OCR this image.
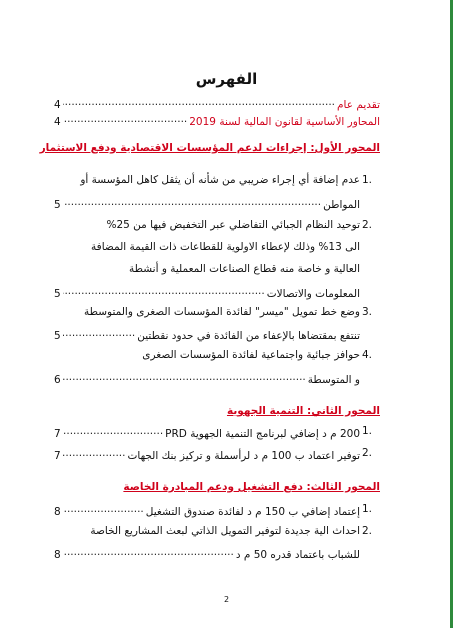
الفهرس
تقديم عام
.....
4
المحاور الأساسية لقانون المالية لسنة 2019
.....
4
المحور الأول: إجراءات لدعم المؤسسات الاقتصادية ودفع الاستثمار
1.
عدم إضافة أي إجراء ضريبي من شأنه أن يثقل كاهل المؤسسة أو
المواطن
.....
5
2.
توحيد النظام الجبائي التفاضلي عبر التخفيض فيها من 25%
الى 13% وذلك لإعطاء الاولوية للقطاعات ذات القيمة المضافة
العالية و خاصة منه قطاع الصناعات المعملية و أنشطة
المعلومات والاتصالات
.....
5
3.
وضع خط تمويل "ميسر" لفائدة المؤسسات الصغرى والمتوسطة
تنتفع بمقتضاها بالإعفاء من الفائدة في حدود نقطتين
.....
5
4.
حوافز جبائية واجتماعية لفائدة المؤسسات الصغرى
و المتوسطة
.....
6
المحور الثاني: التنمية الجهوية
1.
200 م د إضافي لبرنامج التنمية الجهوية PRD
.....
7
2.
توفير اعتماد ب 100 م د لرأسملة و تركيز بنك الجهات
.....
7
المحور الثالث: دفع التشغيل ودعم المبادرة الخاصة
1.
إعتماد إضافي ب 150 م د لفائدة صندوق التشغيل
.....
8
2.
احداث الية جديدة لتوفير التمويل الذاتي لبعث المشاريع الخاصة
للشباب باعتماد قدره 50 م د
.....
8
2
